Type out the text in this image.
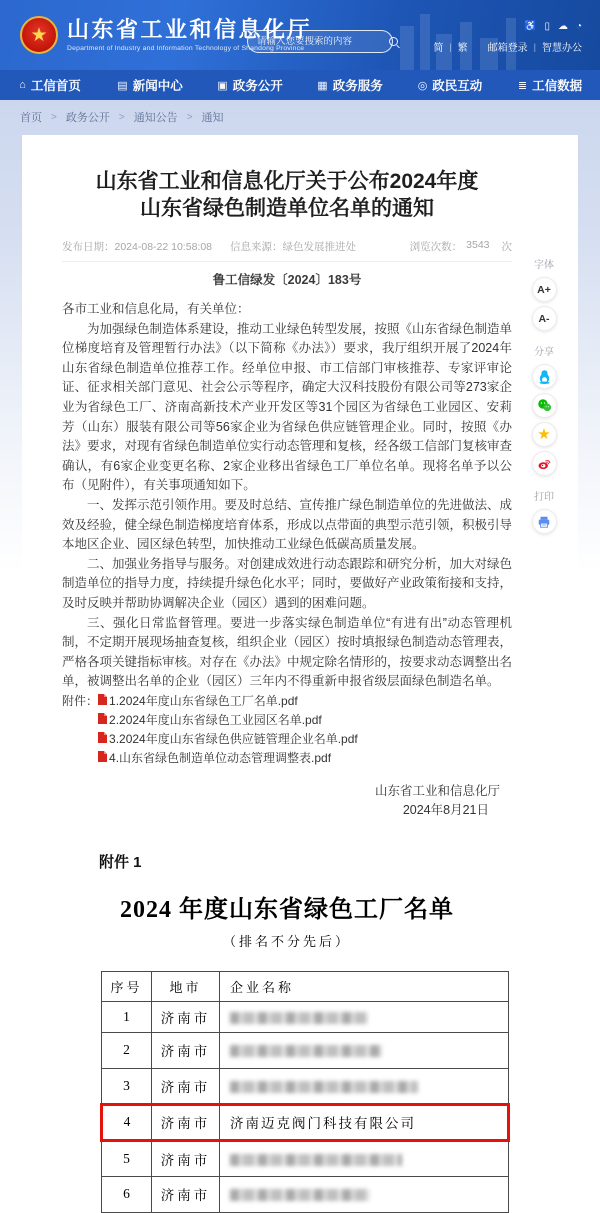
★ 山东省工业和信息化厅
Department of Industry and Information Technology of Shandong Province
请输入您要搜索的内容
♿ ▯ ☁ ◔
简 | 繁 邮箱登录 | 智慧办公
⌂ 工信首页	▤ 新闻中心	▣ 政务公开	▦ 政务服务	◎ 政民互动	≣ 工信数据
首页 > 政务公开 > 通知公告 > 通知
山东省工业和信息化厅关于公布2024年度
山东省绿色制造单位名单的通知
发布日期：2024-08-22 10:58:08 信息来源：绿色发展推进处	浏览次数： 3543 次
鲁工信绿发〔2024〕183号
各市工业和信息化局，有关单位：

为加强绿色制造体系建设，推动工业绿色转型发展，按照《山东省绿色制造单位梯度培育及管理暂行办法》（以下简称《办法》）要求，我厅组织开展了2024年山东省绿色制造单位推荐工作。经单位申报、市工信部门审核推荐、专家评审论证、征求相关部门意见、社会公示等程序，确定大汉科技股份有限公司等273家企业为省绿色工厂、济南高新技术产业开发区等31个园区为省绿色工业园区、安莉芳（山东）服装有限公司等56家企业为省绿色供应链管理企业。同时，按照《办法》要求，对现有省绿色制造单位实行动态管理和复核，经各级工信部门复核审查确认，有6家企业变更名称、2家企业移出省绿色工厂单位名单。现将名单予以公布（见附件），有关事项通知如下。

一、发挥示范引领作用。要及时总结、宣传推广绿色制造单位的先进做法、成效及经验，健全绿色制造梯度培育体系，形成以点带面的典型示范引领，积极引导本地区企业、园区绿色转型，加快推动工业绿色低碳高质量发展。

二、加强业务指导与服务。对创建成效进行动态跟踪和研究分析，加大对绿色制造单位的指导力度，持续提升绿色化水平；同时，要做好产业政策衔接和支持，及时反映并帮助协调解决企业（园区）遇到的困难问题。

三、强化日常监督管理。要进一步落实绿色制造单位“有进有出”动态管理机制，不定期开展现场抽查复核，组织企业（园区）按时填报绿色制造动态管理表，严格各项关键指标审核。对存在《办法》中规定除名情形的，按要求动态调整出名单，被调整出名单的企业（园区）三年内不得重新申报省级层面绿色制造名单。

附件： 1.2024年度山东省绿色工厂名单.pdf
2.2024年度山东省绿色工业园区名单.pdf
3.2024年度山东省绿色供应链管理企业名单.pdf
4.山东省绿色制造单位动态管理调整表.pdf
山东省工业和信息化厅
2024年8月21日
附件 1
2024 年度山东省绿色工厂名单
（排名不分先后）
序号	地市	企业名称
1	济南市	
2	济南市	
3	济南市	
4	济南市	济南迈克阀门科技有限公司
5	济南市	
6	济南市	
字体
A+
A-
分享
★
打印
